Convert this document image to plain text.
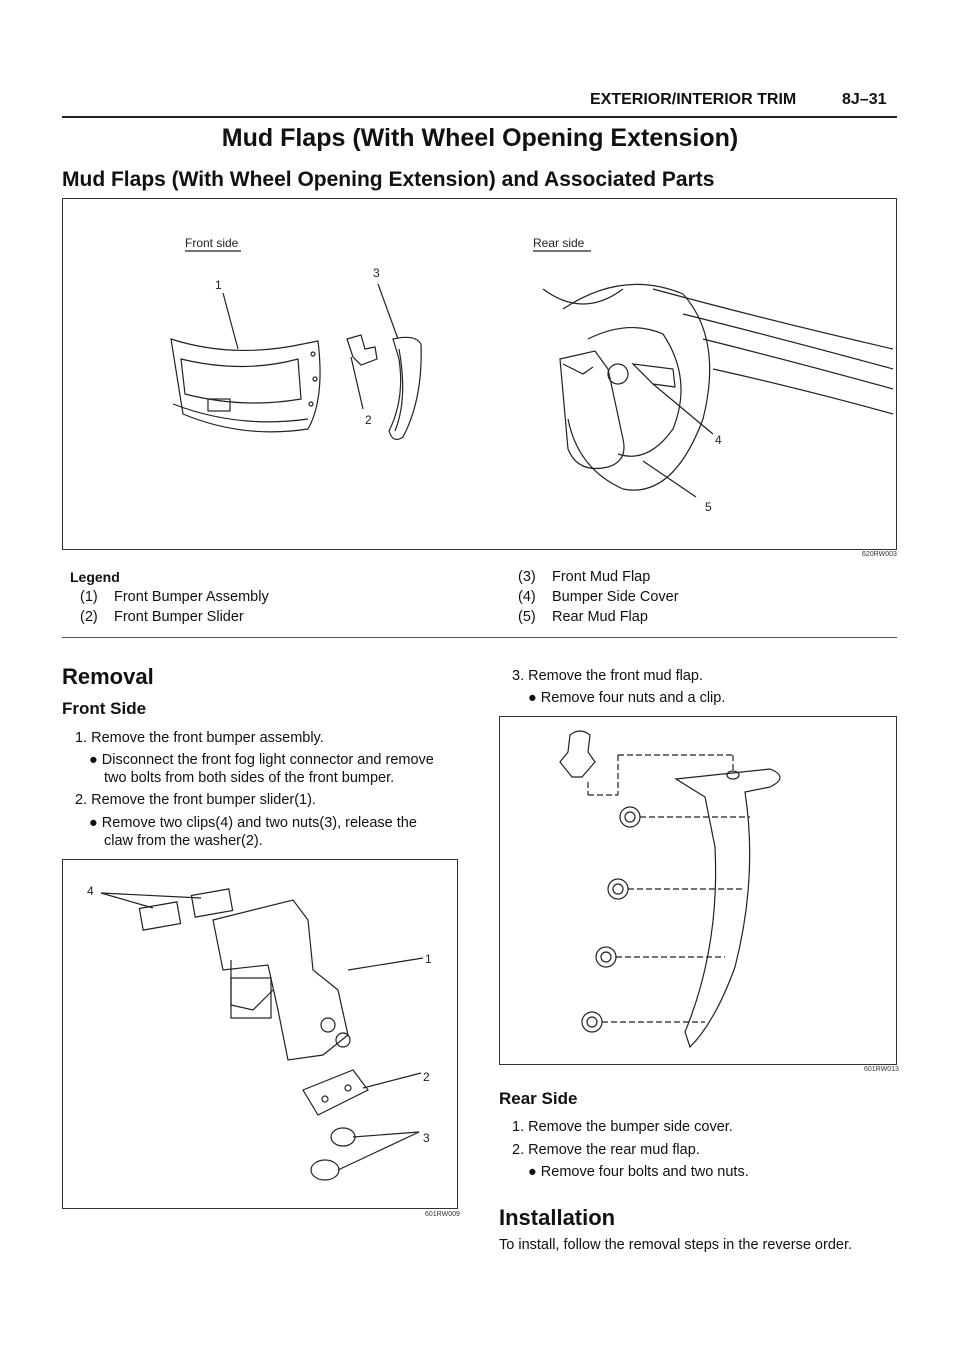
EXTERIOR/INTERIOR TRIM	8J–31
Mud Flaps (With Wheel Opening Extension)
Mud Flaps (With Wheel Opening Extension) and Associated Parts
Front side	Rear side
1
2
3
4
5
620RW003
Legend
(1) Front Bumper Assembly
(2) Front Bumper Slider
(3) Front Mud Flap
(4) Bumper Side Cover
(5) Rear Mud Flap
Removal
Front Side
1. Remove the front bumper assembly.
● Disconnect the front fog light connector and remove
two bolts from both sides of the front bumper.
2. Remove the front bumper slider(1).
● Remove two clips(4) and two nuts(3), release the
claw from the washer(2).
4
1
2
3
601RW009
3. Remove the front mud flap.
● Remove four nuts and a clip.
601RW013
Rear Side
1. Remove the bumper side cover.
2. Remove the rear mud flap.
● Remove four bolts and two nuts.
Installation
To install, follow the removal steps in the reverse order.
